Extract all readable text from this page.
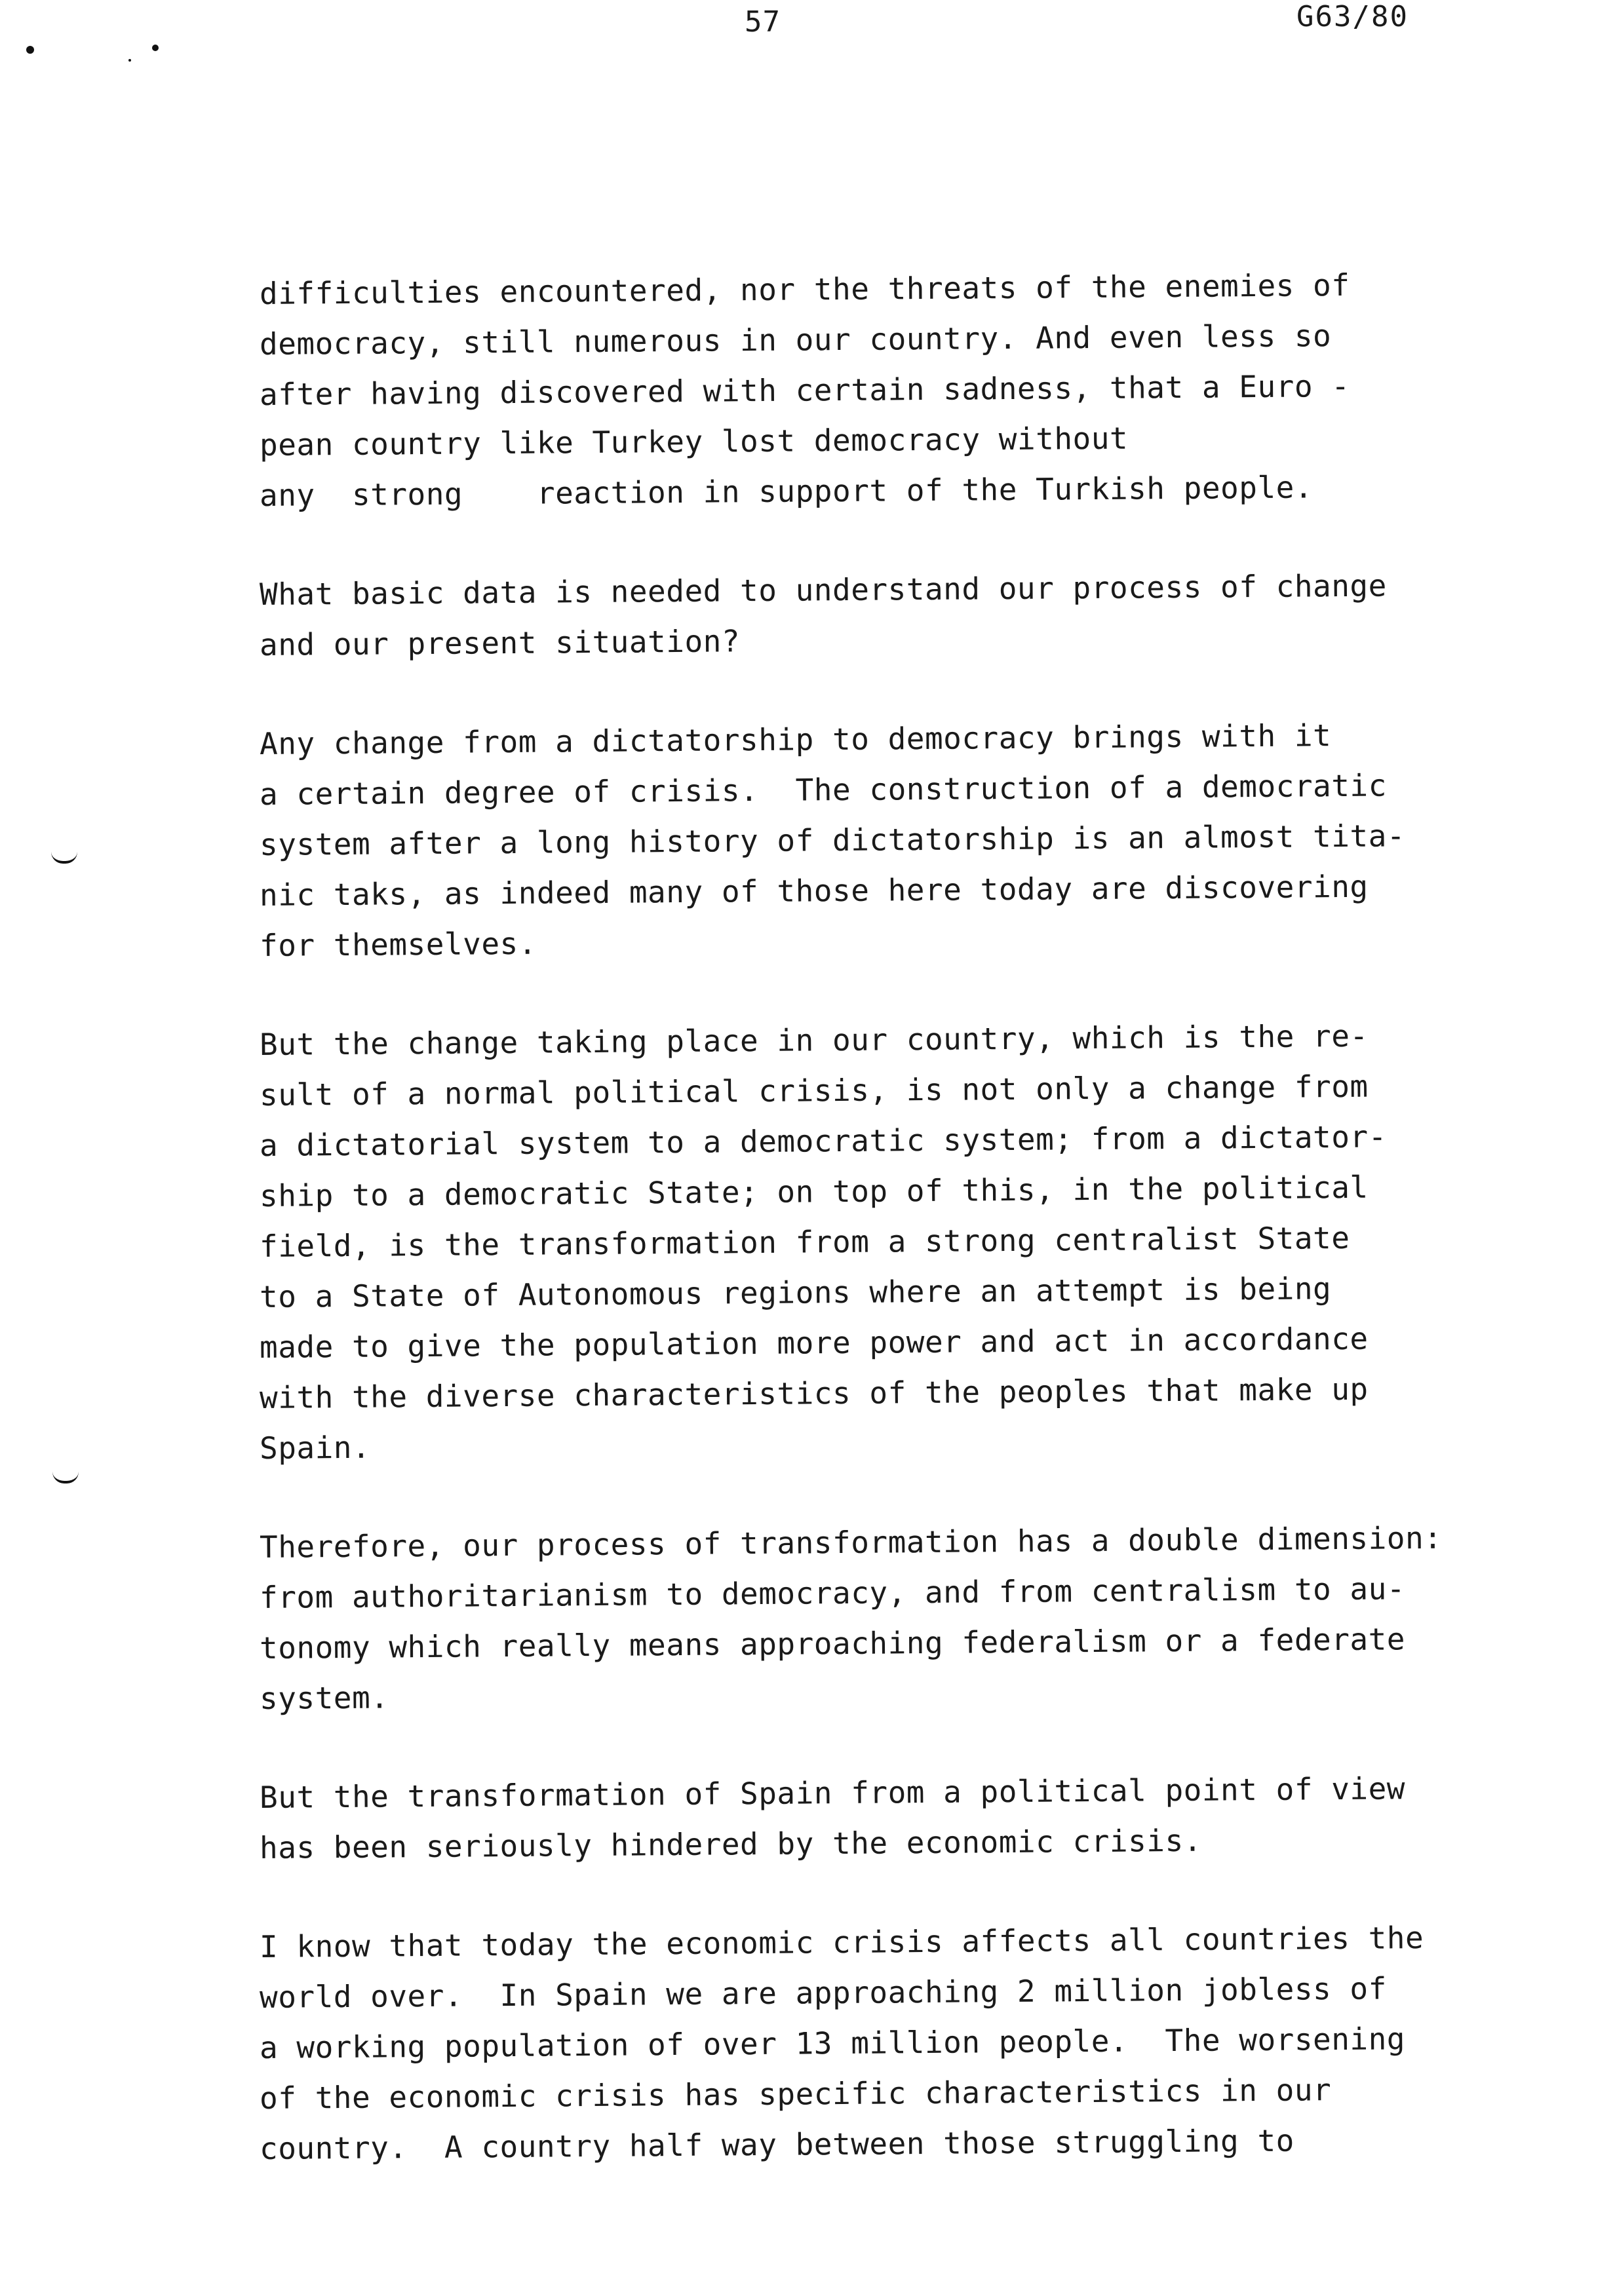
57	G63/80
difficulties encountered, nor the threats of the enemies of
democracy, still numerous in our country. And even less so
after having discovered with certain sadness, that a Euro -
pean country like Turkey lost democracy without
any  strong    reaction in support of the Turkish people.
What basic data is needed to understand our process of change
and our present situation?
Any change from a dictatorship to democracy brings with it
a certain degree of crisis.  The construction of a democratic
system after a long history of dictatorship is an almost tita-
nic taks, as indeed many of those here today are discovering
for themselves.
But the change taking place in our country, which is the re-
sult of a normal political crisis, is not only a change from
a dictatorial system to a democratic system; from a dictator-
ship to a democratic State; on top of this, in the political
field, is the transformation from a strong centralist State
to a State of Autonomous regions where an attempt is being
made to give the population more power and act in accordance
with the diverse characteristics of the peoples that make up
Spain.
Therefore, our process of transformation has a double dimension:
from authoritarianism to democracy, and from centralism to au-
tonomy which really means approaching federalism or a federate
system.
But the transformation of Spain from a political point of view
has been seriously hindered by the economic crisis.
I know that today the economic crisis affects all countries the
world over.  In Spain we are approaching 2 million jobless of
a working population of over 13 million people.  The worsening
of the economic crisis has specific characteristics in our
country.  A country half way between those struggling to
